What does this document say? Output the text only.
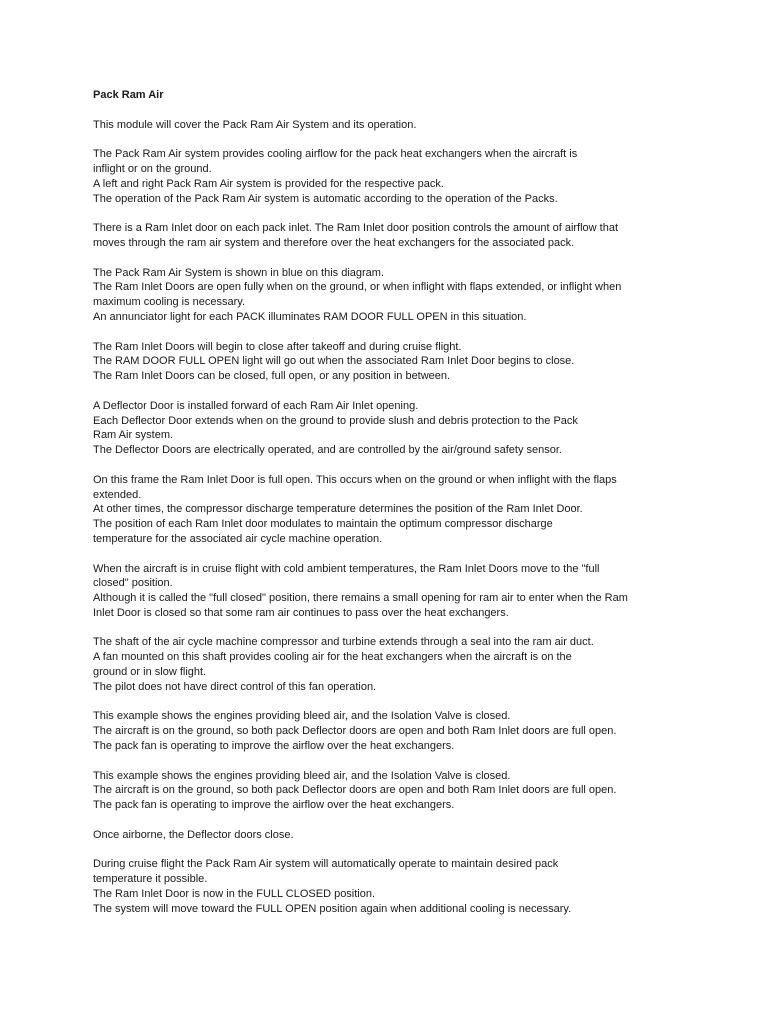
Pack Ram Air
This module will cover the Pack Ram Air System and its operation.
The Pack Ram Air system provides cooling airflow for the pack heat exchangers when the aircraft is
inflight or on the ground.
A left and right Pack Ram Air system is provided for the respective pack.
The operation of the Pack Ram Air system is automatic according to the operation of the Packs.
There is a Ram Inlet door on each pack inlet. The Ram Inlet door position controls the amount of airflow that
moves through the ram air system and therefore over the heat exchangers for the associated pack.
The Pack Ram Air System is shown in blue on this diagram.
The Ram Inlet Doors are open fully when on the ground, or when inflight with flaps extended, or inflight when
maximum cooling is necessary.
An annunciator light for each PACK illuminates RAM DOOR FULL OPEN in this situation.
The Ram Inlet Doors will begin to close after takeoff and during cruise flight.
The RAM DOOR FULL OPEN light will go out when the associated Ram Inlet Door begins to close.
The Ram Inlet Doors can be closed, full open, or any position in between.
A Deflector Door is installed forward of each Ram Air Inlet opening.
Each Deflector Door extends when on the ground to provide slush and debris protection to the Pack
Ram Air system.
The Deflector Doors are electrically operated, and are controlled by the air/ground safety sensor.
On this frame the Ram Inlet Door is full open. This occurs when on the ground or when inflight with the flaps
extended.
At other times, the compressor discharge temperature determines the position of the Ram Inlet Door.
The position of each Ram Inlet door modulates to maintain the optimum compressor discharge
temperature for the associated air cycle machine operation.
When the aircraft is in cruise flight with cold ambient temperatures, the Ram Inlet Doors move to the "full
closed" position.
Although it is called the "full closed" position, there remains a small opening for ram air to enter when the Ram
Inlet Door is closed so that some ram air continues to pass over the heat exchangers.
The shaft of the air cycle machine compressor and turbine extends through a seal into the ram air duct.
A fan mounted on this shaft provides cooling air for the heat exchangers when the aircraft is on the
ground or in slow flight.
The pilot does not have direct control of this fan operation.
This example shows the engines providing bleed air, and the Isolation Valve is closed.
The aircraft is on the ground, so both pack Deflector doors are open and both Ram Inlet doors are full open.
The pack fan is operating to improve the airflow over the heat exchangers.
This example shows the engines providing bleed air, and the Isolation Valve is closed.
The aircraft is on the ground, so both pack Deflector doors are open and both Ram Inlet doors are full open.
The pack fan is operating to improve the airflow over the heat exchangers.
Once airborne, the Deflector doors close.
During cruise flight the Pack Ram Air system will automatically operate to maintain desired pack
temperature it possible.
The Ram Inlet Door is now in the FULL CLOSED position.
The system will move toward the FULL OPEN position again when additional cooling is necessary.
